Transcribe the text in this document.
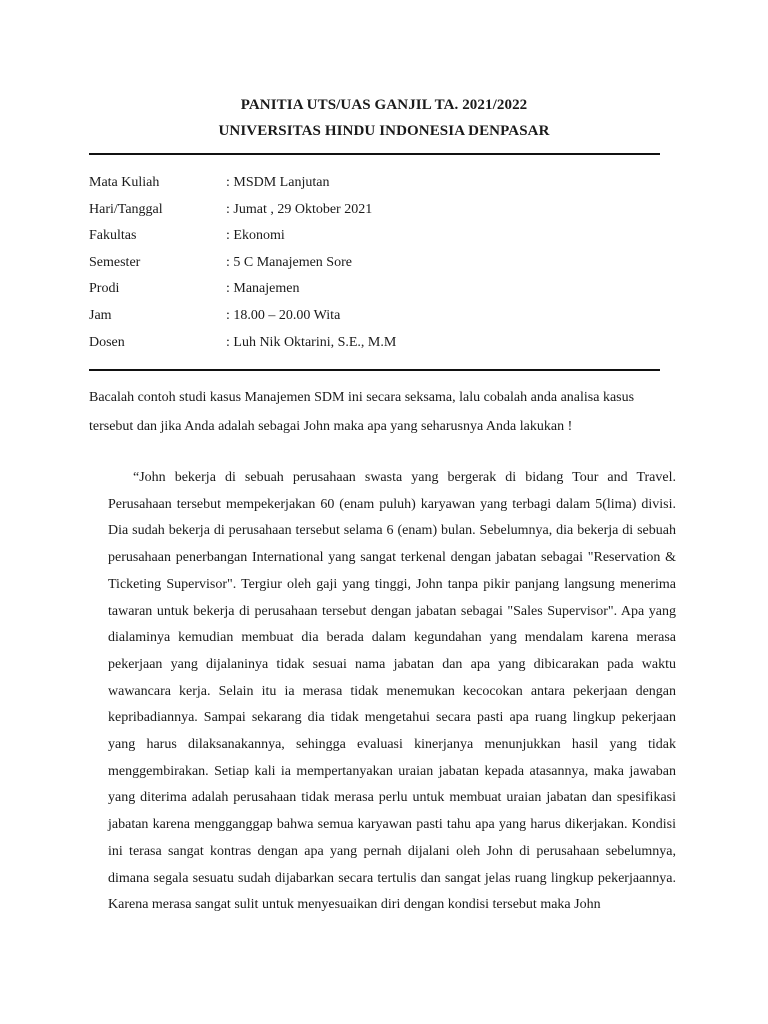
PANITIA UTS/UAS GANJIL TA. 2021/2022
UNIVERSITAS HINDU INDONESIA DENPASAR
Mata Kuliah	: MSDM Lanjutan
Hari/Tanggal	: Jumat , 29 Oktober 2021
Fakultas	: Ekonomi
Semester	: 5 C Manajemen Sore
Prodi	: Manajemen
Jam	: 18.00 – 20.00 Wita
Dosen	: Luh Nik Oktarini, S.E., M.M
Bacalah contoh studi kasus Manajemen SDM ini secara seksama, lalu cobalah anda analisa kasus tersebut dan jika Anda adalah sebagai John maka apa yang seharusnya Anda lakukan !

“John bekerja di sebuah perusahaan swasta yang bergerak di bidang Tour and Travel. Perusahaan tersebut mempekerjakan 60 (enam puluh) karyawan yang terbagi dalam 5(lima) divisi. Dia sudah bekerja di perusahaan tersebut selama 6 (enam) bulan. Sebelumnya, dia bekerja di sebuah perusahaan penerbangan International yang sangat terkenal dengan jabatan sebagai "Reservation & Ticketing Supervisor". Tergiur oleh gaji yang tinggi, John tanpa pikir panjang langsung menerima tawaran untuk bekerja di perusahaan tersebut dengan jabatan sebagai "Sales Supervisor". Apa yang dialaminya kemudian membuat dia berada dalam kegundahan yang mendalam karena merasa pekerjaan yang dijalaninya tidak sesuai nama jabatan dan apa yang dibicarakan pada waktu wawancara kerja. Selain itu ia merasa tidak menemukan kecocokan antara pekerjaan dengan kepribadiannya. Sampai sekarang dia tidak mengetahui secara pasti apa ruang lingkup pekerjaan yang harus dilaksanakannya, sehingga evaluasi kinerjanya menunjukkan hasil yang tidak menggembirakan. Setiap kali ia mempertanyakan uraian jabatan kepada atasannya, maka jawaban yang diterima adalah perusahaan tidak merasa perlu untuk membuat uraian jabatan dan spesifikasi jabatan karena mengganggap bahwa semua karyawan pasti tahu apa yang harus dikerjakan. Kondisi ini terasa sangat kontras dengan apa yang pernah dijalani oleh John di perusahaan sebelumnya, dimana segala sesuatu sudah dijabarkan secara tertulis dan sangat jelas ruang lingkup pekerjaannya. Karena merasa sangat sulit untuk menyesuaikan diri dengan kondisi tersebut maka John
